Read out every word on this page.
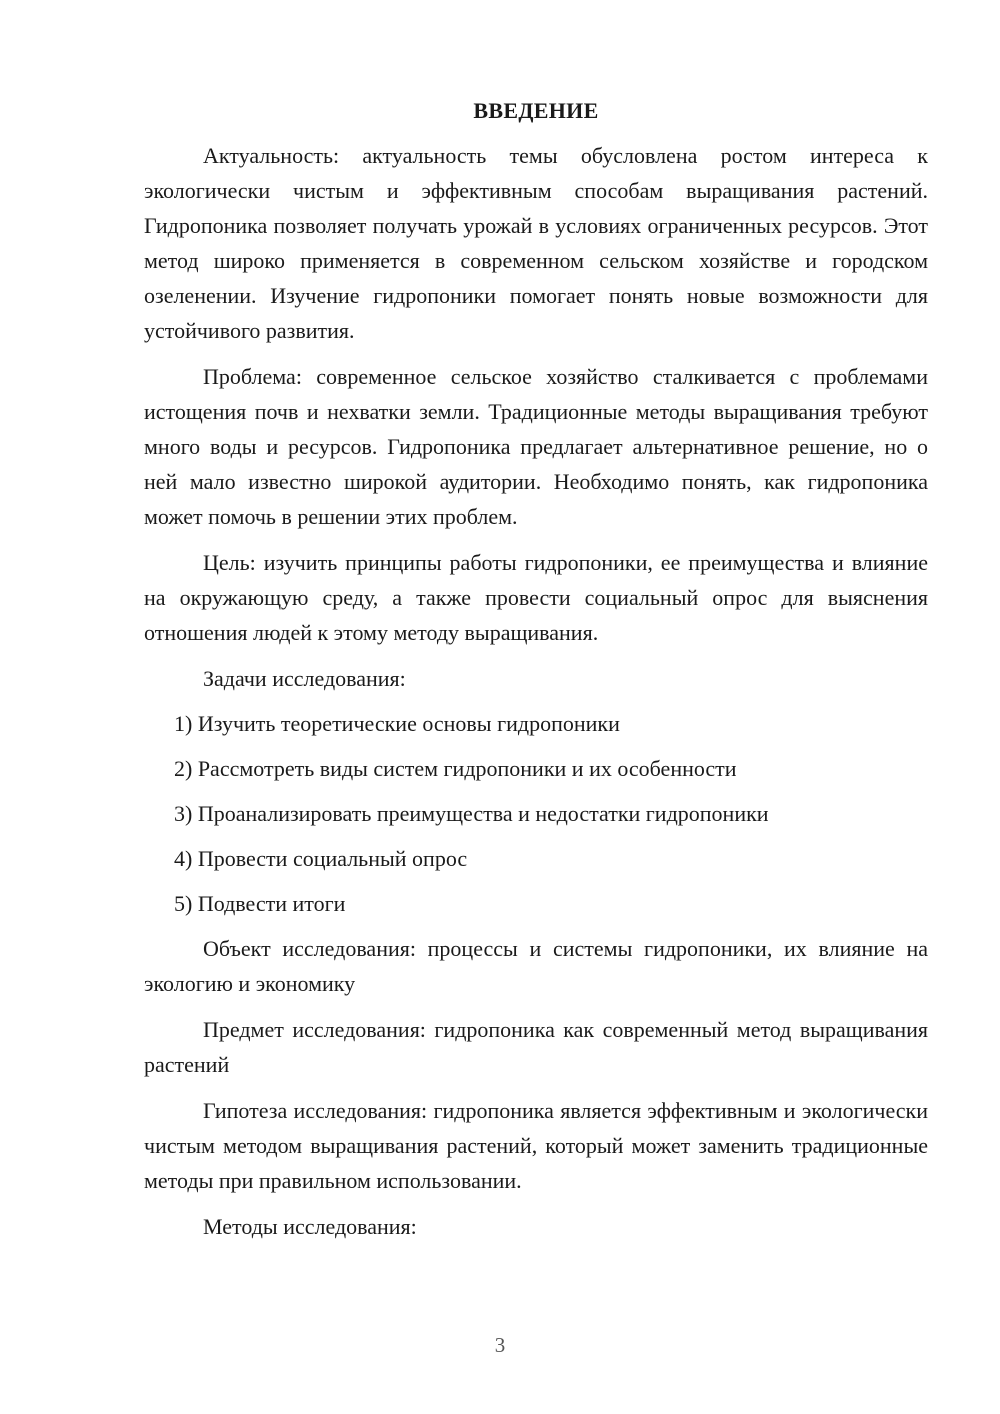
ВВЕДЕНИЕ

Актуальность: актуальность темы обусловлена ростом интереса к экологически чистым и эффективным способам выращивания растений. Гидропоника позволяет получать урожай в условиях ограниченных ресурсов. Этот метод широко применяется в современном сельском хозяйстве и городском озеленении. Изучение гидропоники помогает понять новые возможности для устойчивого развития.

Проблема: современное сельское хозяйство сталкивается с проблемами истощения почв и нехватки земли. Традиционные методы выращивания требуют много воды и ресурсов. Гидропоника предлагает альтернативное решение, но о ней мало известно широкой аудитории. Необходимо понять, как гидропоника может помочь в решении этих проблем.

Цель: изучить принципы работы гидропоники, ее преимущества и влияние на окружающую среду, а также провести социальный опрос для выяснения отношения людей к этому методу выращивания.

Задачи исследования:

1) Изучить теоретические основы гидропоники
2) Рассмотреть виды систем гидропоники и их особенности
3) Проанализировать преимущества и недостатки гидропоники
4) Провести социальный опрос
5) Подвести итоги

Объект исследования: процессы и системы гидропоники, их влияние на экологию и экономику

Предмет исследования: гидропоника как современный метод выращивания растений

Гипотеза исследования: гидропоника является эффективным и экологически чистым методом выращивания растений, который может заменить традиционные методы при правильном использовании.

Методы исследования:

3
